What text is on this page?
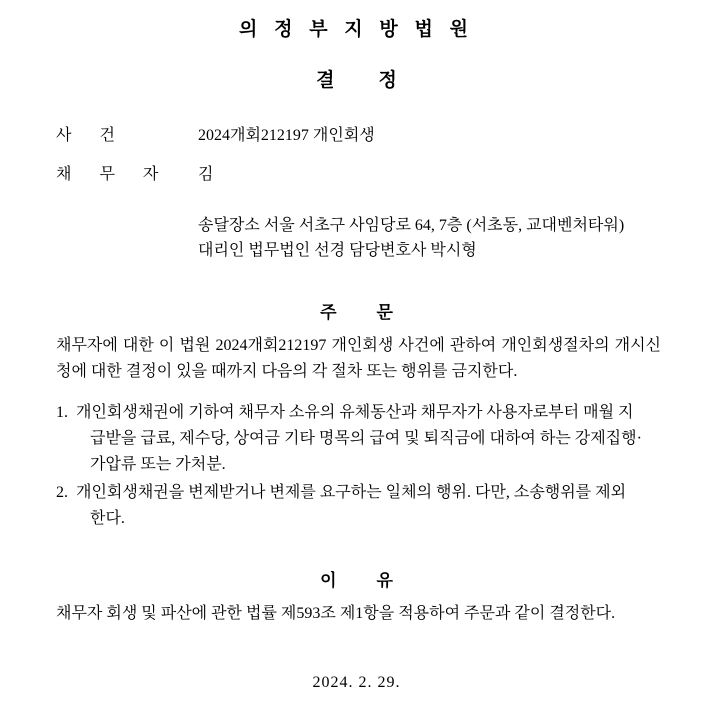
의 정 부 지 방 법 원
결 정
사 건	2024개회212197 개인회생
채 무 자	김
송달장소 서울 서초구 사임당로 64, 7층 (서초동, 교대벤처타워)
대리인 법무법인 선경 담당변호사 박시형
주 문
채무자에 대한 이 법원 2024개회212197 개인회생 사건에 관하여 개인회생절차의 개시신청에 대한 결정이 있을 때까지 다음의 각 절차 또는 행위를 금지한다.
1. 개인회생채권에 기하여 채무자 소유의 유체동산과 채무자가 사용자로부터 매월 지
급받을 급료, 제수당, 상여금 기타 명목의 급여 및 퇴직금에 대하여 하는 강제집행·
가압류 또는 가처분.
2. 개인회생채권을 변제받거나 변제를 요구하는 일체의 행위. 다만, 소송행위를 제외
한다.
이 유
채무자 회생 및 파산에 관한 법률 제593조 제1항을 적용하여 주문과 같이 결정한다.
2024. 2. 29.
